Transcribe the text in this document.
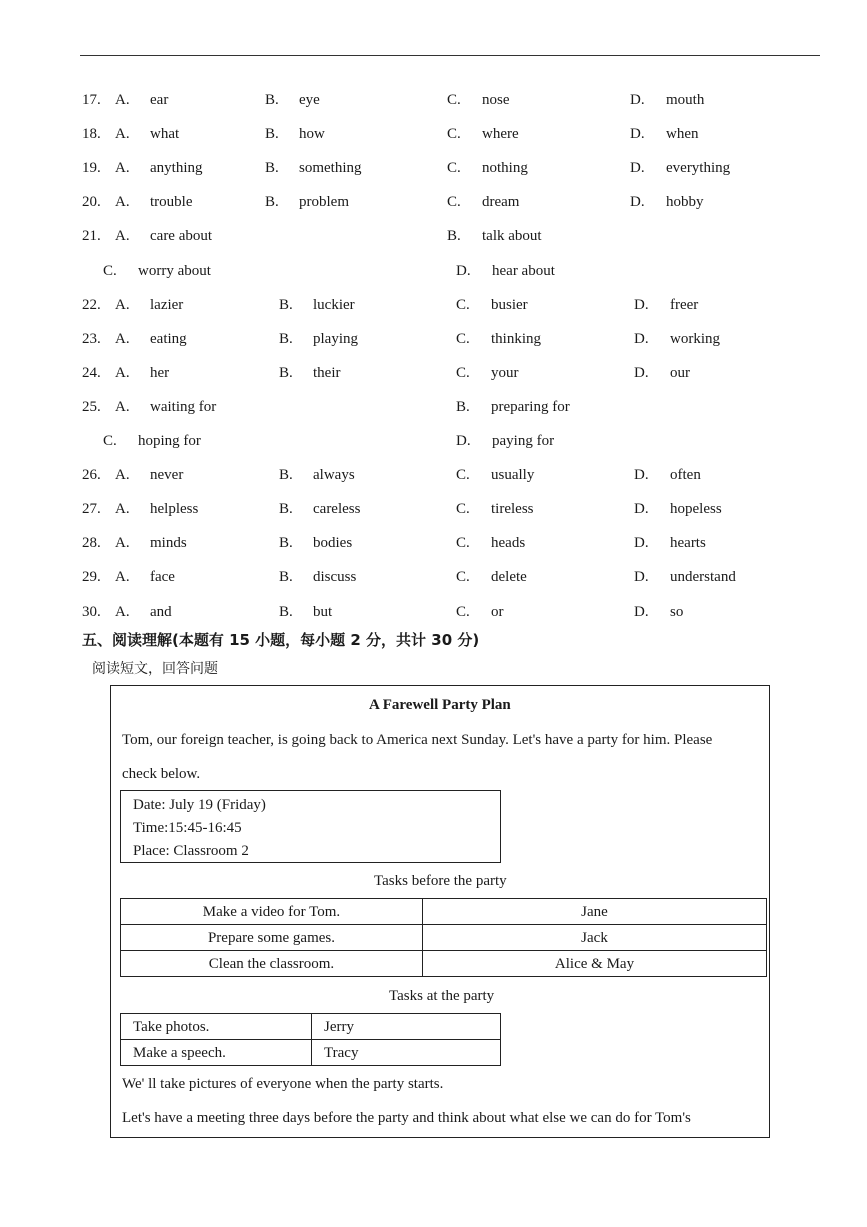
17. A. ear	B. eye	C. nose	D. mouth
18. A. what	B. how	C. where	D. when
19. A. anything	B. something	C. nothing	D. everything
20. A. trouble	B. problem	C. dream	D. hobby
21. A. care about	B. talk about
C. worry about	D. hear about
22. A. lazier	B. luckier	C. busier	D. freer
23. A. eating	B. playing	C. thinking	D. working
24. A. her	B. their	C. your	D. our
25. A. waiting for	B. preparing for
C. hoping for	D. paying for
26. A. never	B. always	C. usually	D. often
27. A. helpless	B. careless	C. tireless	D. hopeless
28. A. minds	B. bodies	C. heads	D. hearts
29. A. face	B. discuss	C. delete	D. understand
30. A. and	B. but	C. or	D. so
五、阅读理解(本题有 15 小题，每小题 2 分，共计 30 分)
阅读短文，回答问题
A Farewell Party Plan
Tom, our foreign teacher, is going back to America next Sunday. Let's have a party for him. Please
check below.
Date: July 19 (Friday)
Time:15:45-16:45
Place: Classroom 2
Tasks before the party
Make a video for Tom.	Jane
Prepare some games.	Jack
Clean the classroom.	Alice & May
Tasks at the party
Take photos.	Jerry
Make a speech.	Tracy
We' ll take pictures of everyone when the party starts.
Let's have a meeting three days before the party and think about what else we can do for Tom's
